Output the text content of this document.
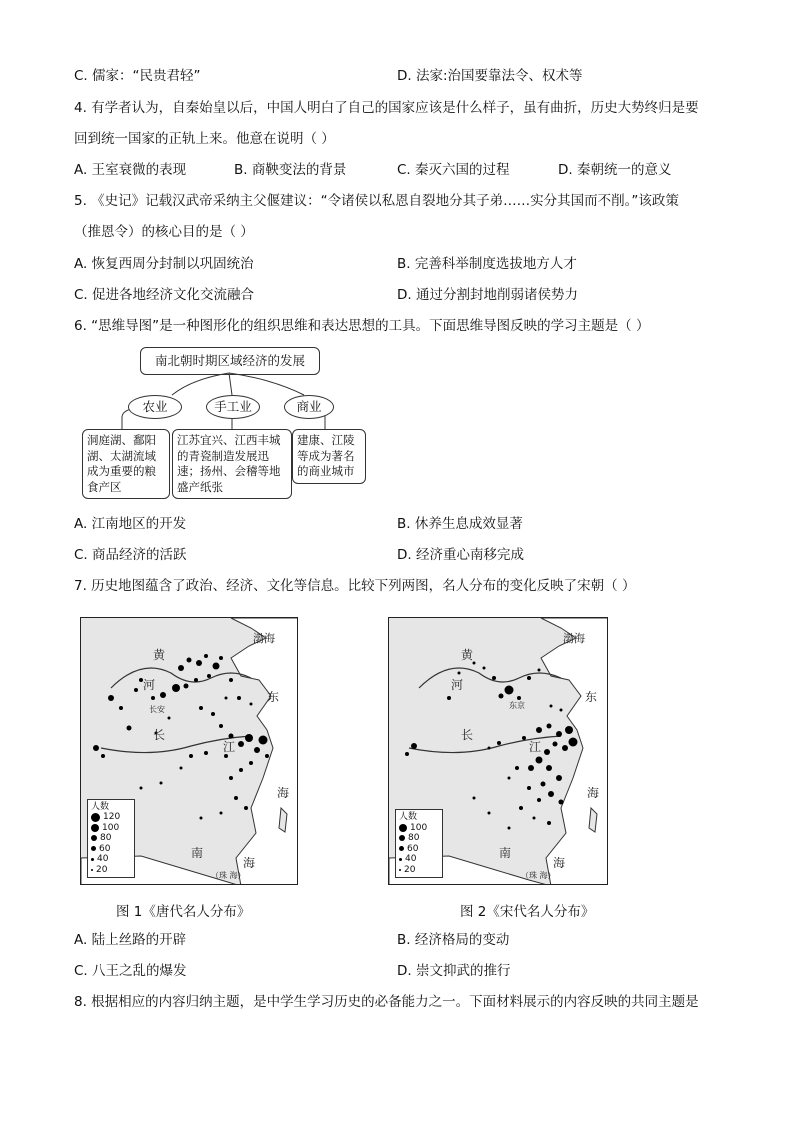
C. 儒家：“民贵君轻”	D. 法家:治国要靠法令、权术等
4. 有学者认为，自秦始皇以后，中国人明白了自己的国家应该是什么样子，虽有曲折，历史大势终归是要
回到统一国家的正轨上来。他意在说明（ ）
A. 王室衰微的表现	B. 商鞅变法的背景	C. 秦灭六国的过程	D. 秦朝统一的意义
5. 《史记》记载汉武帝采纳主父偃建议：“令诸侯以私恩自裂地分其子弟……实分其国而不削。”该政策
（推恩令）的核心目的是（ ）
A. 恢复西周分封制以巩固统治	B. 完善科举制度选拔地方人才
C. 促进各地经济文化交流融合	D. 通过分割封地削弱诸侯势力
6. “思维导图”是一种图形化的组织思维和表达思想的工具。下面思维导图反映的学习主题是（ ）
南北朝时期区域经济的发展
农业	手工业	商业
洞庭湖、鄱阳湖、太湖流域成为重要的粮食产区
江苏宜兴、江西丰城的青瓷制造发展迅速；扬州、会稽等地盛产纸张
建康、江陵等成为著名的商业城市
A. 江南地区的开发	B. 休养生息成效显著
C. 商品经济的活跃	D. 经济重心南移完成
7. 历史地图蕴含了政治、经济、文化等信息。比较下列两图，名人分布的变化反映了宋朝（ ）
黄
河
渤海
东
长
江
海
南
海
（珠 海）
长安
人数
120
100
80
60
40
20
图 1《唐代名人分布》
黄
河
渤海
东
长
江
海
南
海
（珠 海）
东京
人数
100
80
60
40
20
图 2《宋代名人分布》
A. 陆上丝路的开辟	B. 经济格局的变动
C. 八王之乱的爆发	D. 崇文抑武的推行
8. 根据相应的内容归纳主题，是中学生学习历史的必备能力之一。下面材料展示的内容反映的共同主题是
